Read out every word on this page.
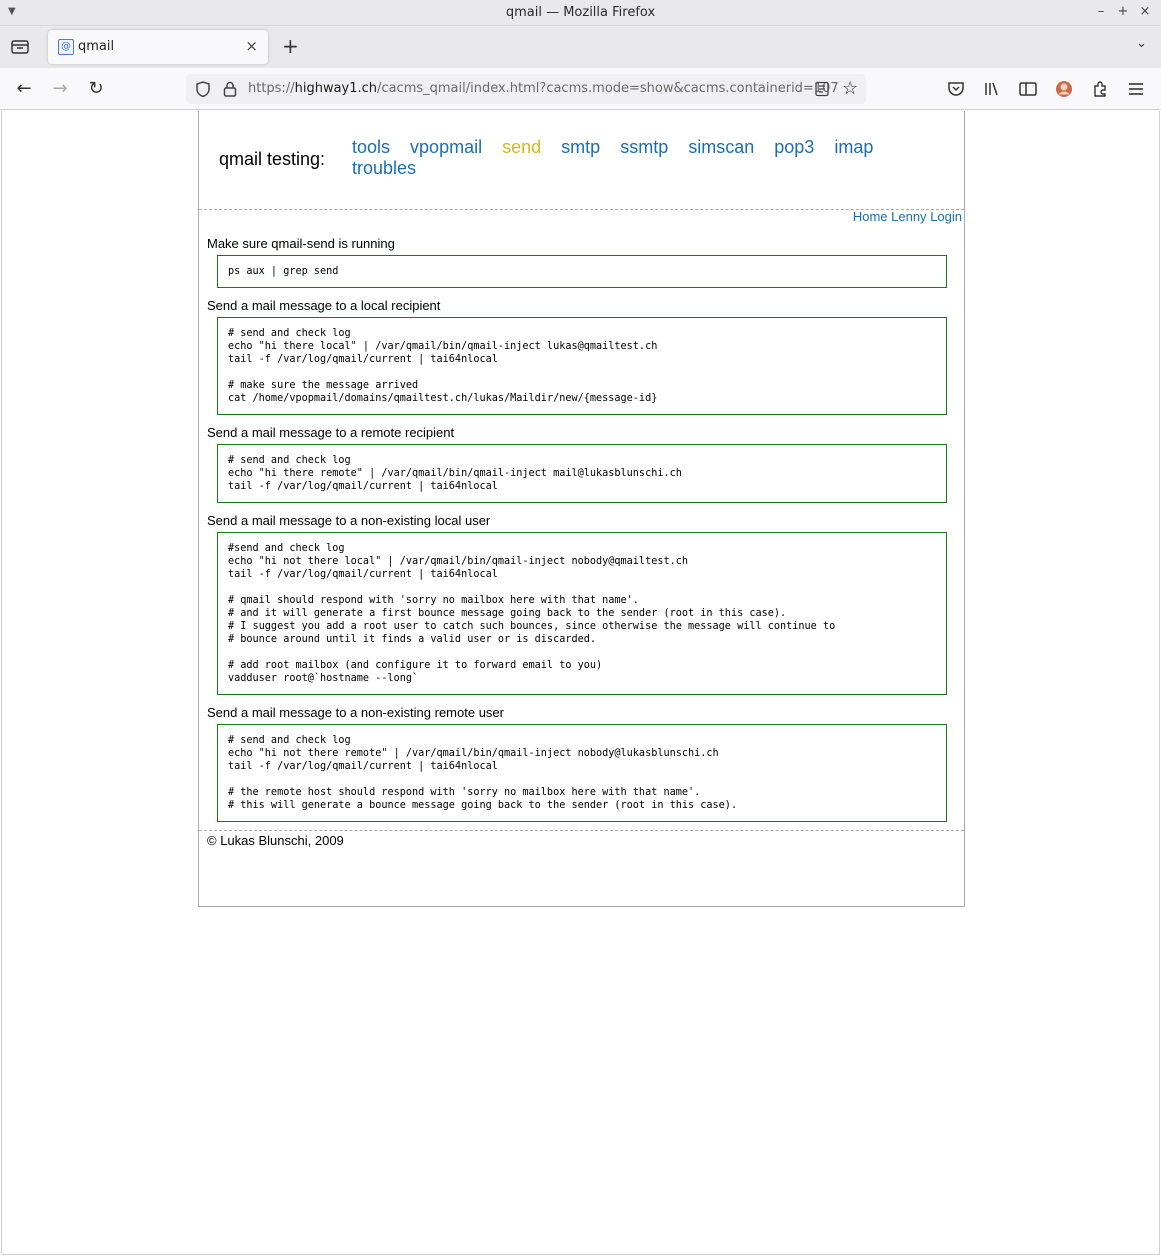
▼	qmail — Mozilla Firefox	– + ×
@ qmail	× +	⌄
← → ↻	https://highway1.ch/cacms_qmail/index.html?cacms.mode=show&cacms.containerid=107 ☆
qmail testing:
tools vpopmail send smtp ssmtp simscan pop3 imap troubles
Home Lenny Login
Make sure qmail-send is running
ps aux | grep send
Send a mail message to a local recipient
# send and check log
echo "hi there local" | /var/qmail/bin/qmail-inject lukas@qmailtest.ch
tail -f /var/log/qmail/current | tai64nlocal

# make sure the message arrived
cat /home/vpopmail/domains/qmailtest.ch/lukas/Maildir/new/{message-id}
Send a mail message to a remote recipient
# send and check log
echo "hi there remote" | /var/qmail/bin/qmail-inject mail@lukasblunschi.ch
tail -f /var/log/qmail/current | tai64nlocal
Send a mail message to a non-existing local user
#send and check log
echo "hi not there local" | /var/qmail/bin/qmail-inject nobody@qmailtest.ch
tail -f /var/log/qmail/current | tai64nlocal

# qmail should respond with 'sorry no mailbox here with that name'.
# and it will generate a first bounce message going back to the sender (root in this case).
# I suggest you add a root user to catch such bounces, since otherwise the message will continue to
# bounce around until it finds a valid user or is discarded.

# add root mailbox (and configure it to forward email to you)
vadduser root@`hostname --long`
Send a mail message to a non-existing remote user
# send and check log
echo "hi not there remote" | /var/qmail/bin/qmail-inject nobody@lukasblunschi.ch
tail -f /var/log/qmail/current | tai64nlocal

# the remote host should respond with 'sorry no mailbox here with that name'.
# this will generate a bounce message going back to the sender (root in this case).
© Lukas Blunschi, 2009
